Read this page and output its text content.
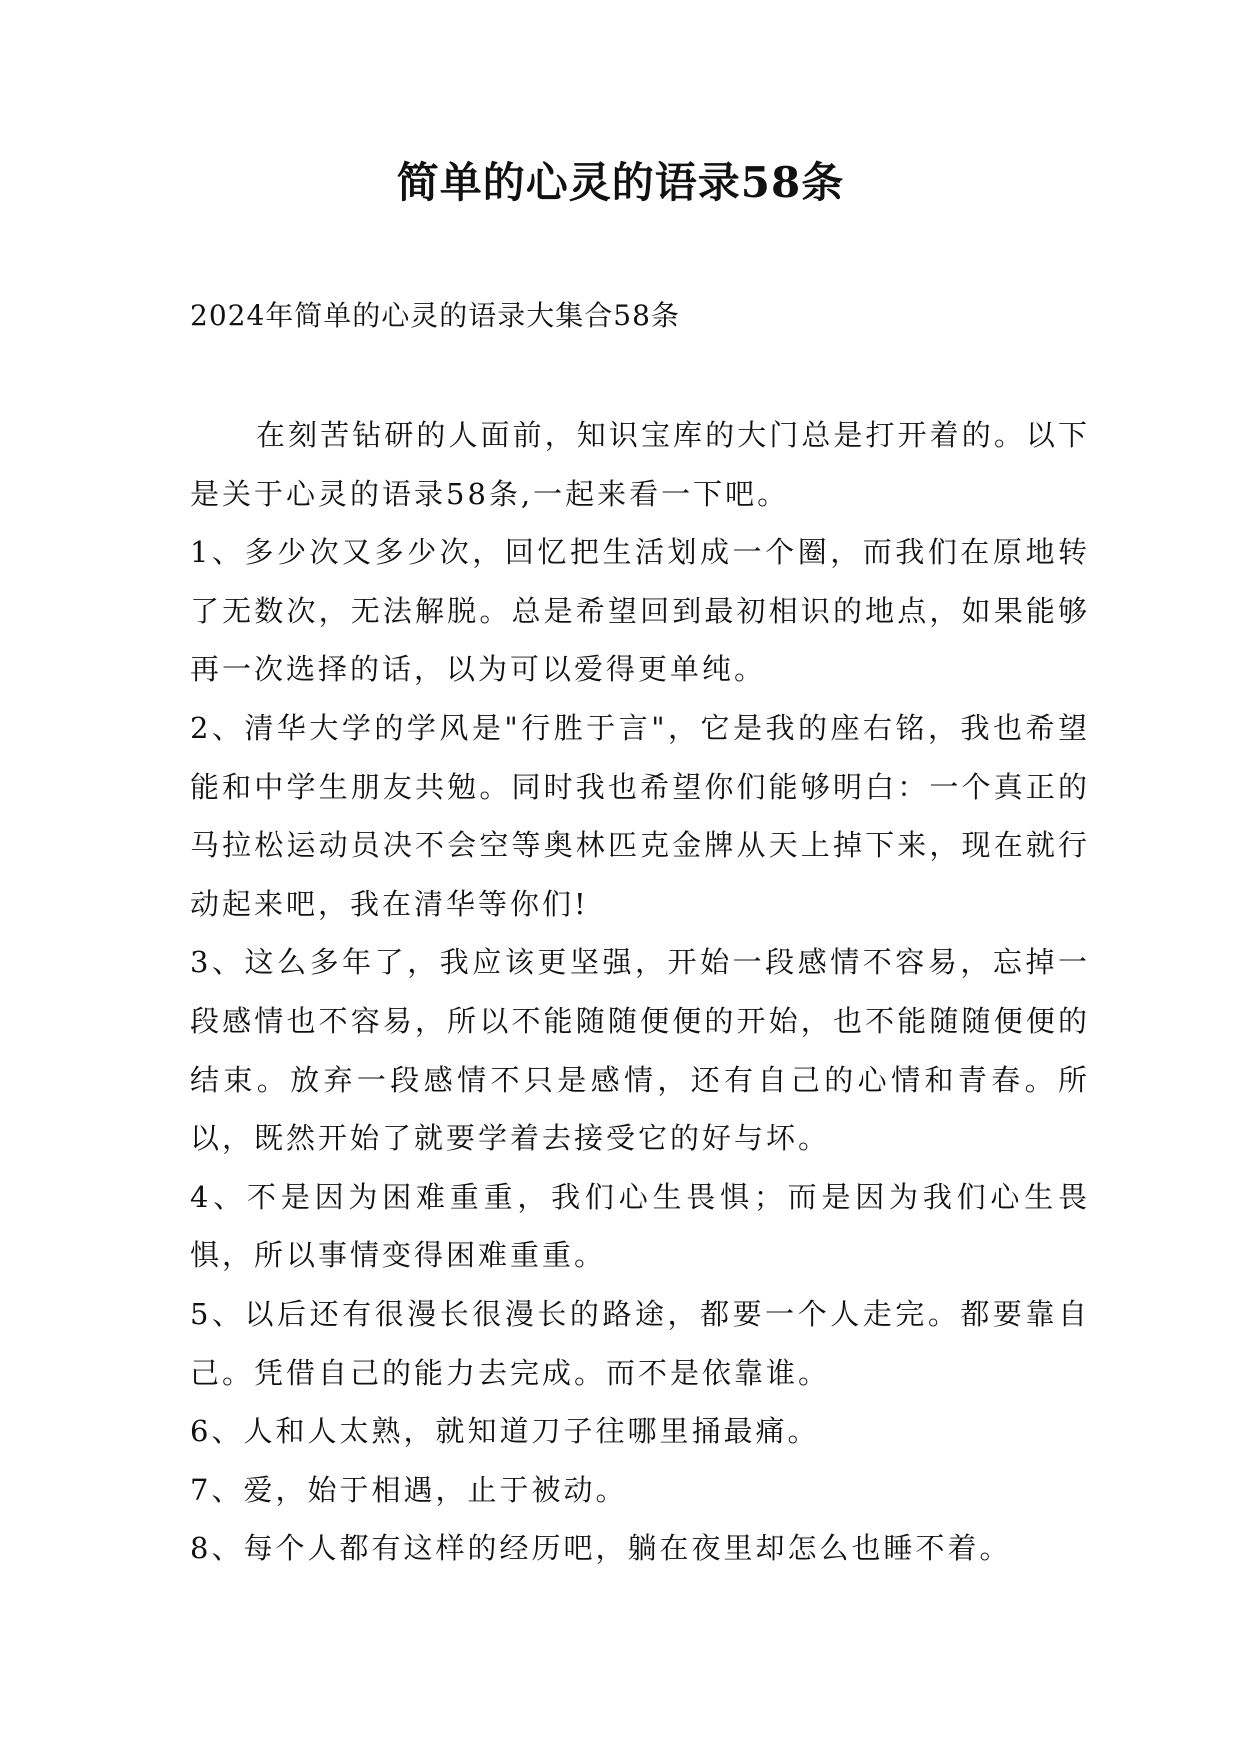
简单的心灵的语录58条
2024年简单的心灵的语录大集合58条

在刻苦钻研的人面前，知识宝库的大门总是打开着的。以下是关于心灵的语录58条,一起来看一下吧。

1、多少次又多少次，回忆把生活划成一个圈，而我们在原地转了无数次，无法解脱。总是希望回到最初相识的地点，如果能够再一次选择的话，以为可以爱得更单纯。

2、清华大学的学风是"行胜于言"，它是我的座右铭，我也希望能和中学生朋友共勉。同时我也希望你们能够明白：一个真正的马拉松运动员决不会空等奥林匹克金牌从天上掉下来，现在就行动起来吧，我在清华等你们!

3、这么多年了，我应该更坚强，开始一段感情不容易，忘掉一段感情也不容易，所以不能随随便便的开始，也不能随随便便的结束。放弃一段感情不只是感情，还有自己的心情和青春。所以，既然开始了就要学着去接受它的好与坏。

4、不是因为困难重重，我们心生畏惧；而是因为我们心生畏惧，所以事情变得困难重重。

5、以后还有很漫长很漫长的路途，都要一个人走完。都要靠自己。凭借自己的能力去完成。而不是依靠谁。

6、人和人太熟，就知道刀子往哪里捅最痛。

7、爱，始于相遇，止于被动。

8、每个人都有这样的经历吧，躺在夜里却怎么也睡不着。
